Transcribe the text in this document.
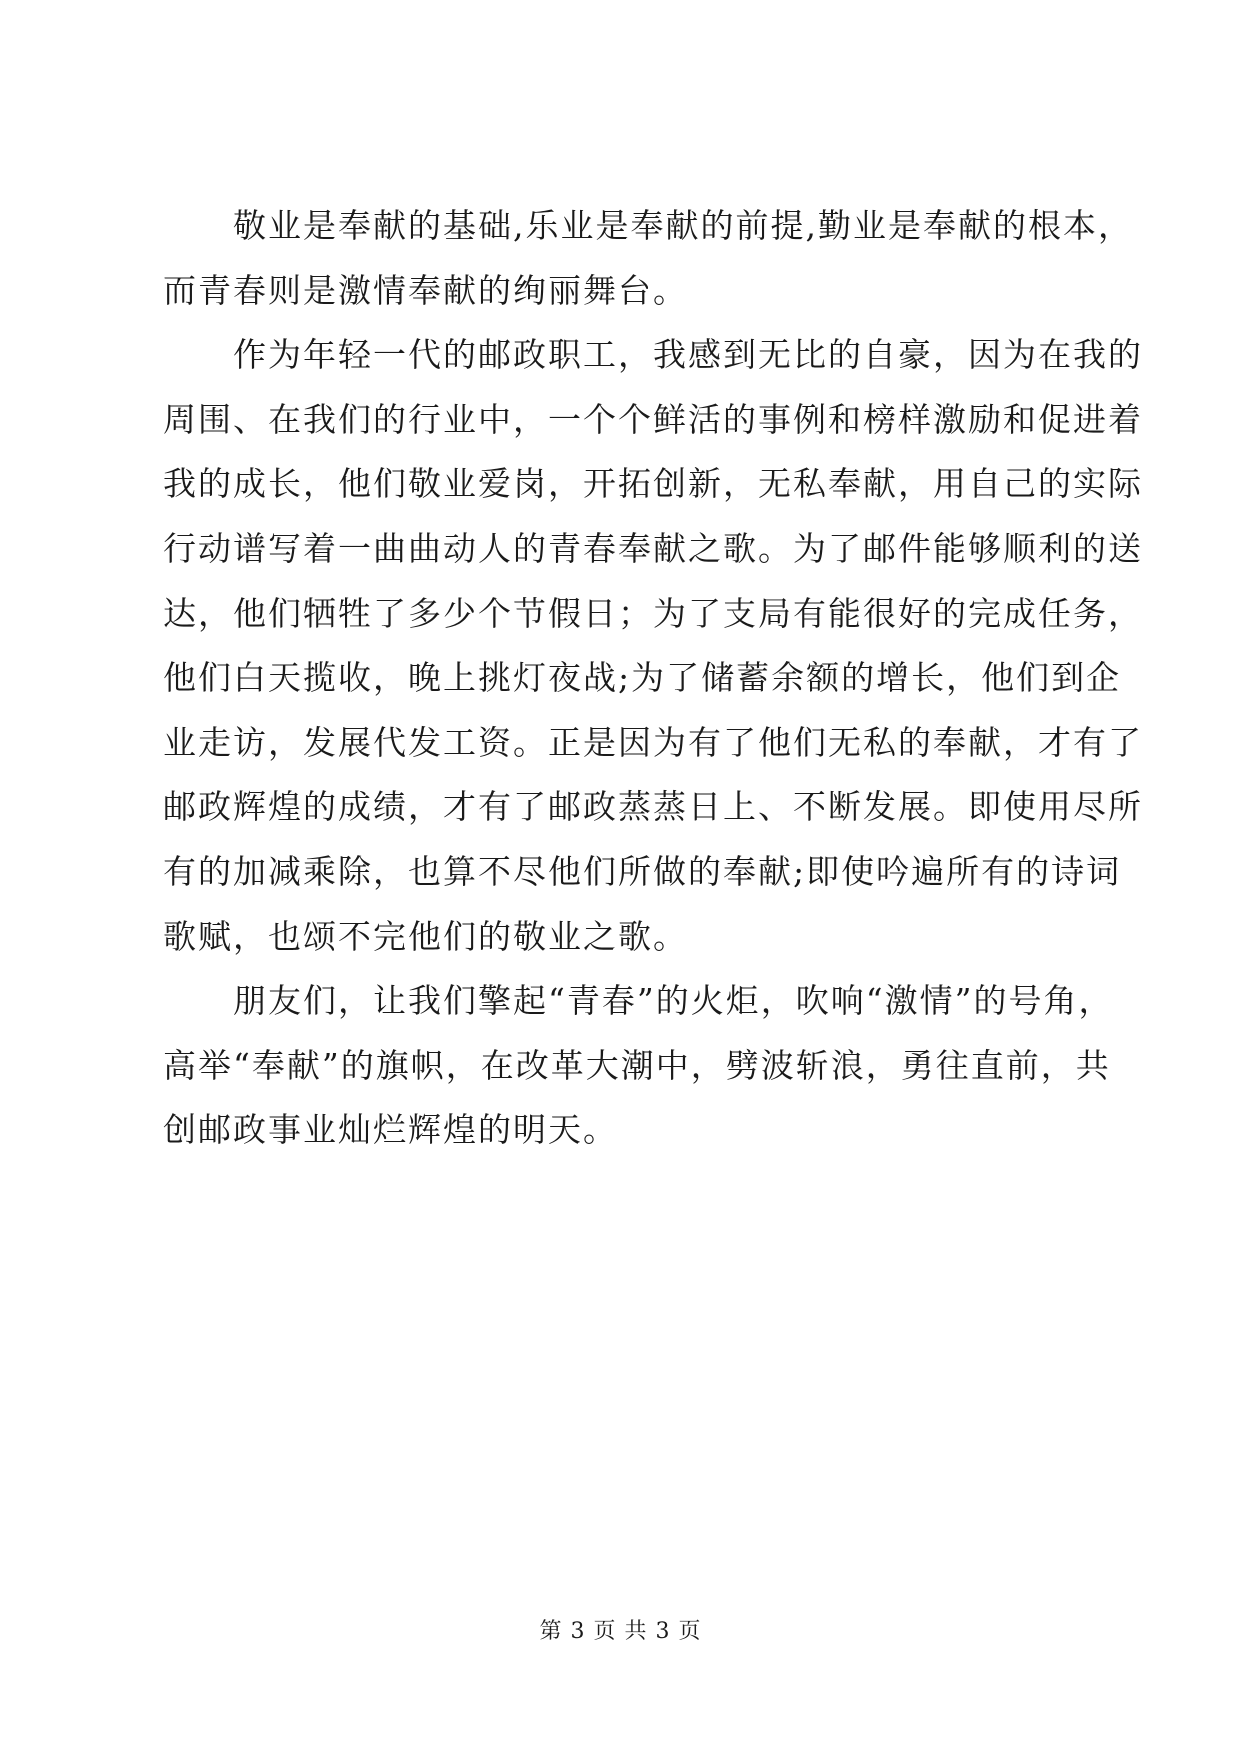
敬业是奉献的基础,乐业是奉献的前提,勤业是奉献的根本，
而青春则是激情奉献的绚丽舞台。

作为年轻一代的邮政职工，我感到无比的自豪，因为在我的
周围、在我们的行业中，一个个鲜活的事例和榜样激励和促进着
我的成长，他们敬业爱岗，开拓创新，无私奉献，用自己的实际
行动谱写着一曲曲动人的青春奉献之歌。为了邮件能够顺利的送
达，他们牺牲了多少个节假日；为了支局有能很好的完成任务，
他们白天揽收，晚上挑灯夜战;为了储蓄余额的增长，他们到企
业走访，发展代发工资。正是因为有了他们无私的奉献，才有了
邮政辉煌的成绩，才有了邮政蒸蒸日上、不断发展。即使用尽所
有的加减乘除，也算不尽他们所做的奉献;即使吟遍所有的诗词
歌赋，也颂不完他们的敬业之歌。

朋友们，让我们擎起“青春”的火炬，吹响“激情”的号角，
高举“奉献”的旗帜，在改革大潮中，劈波斩浪，勇往直前，共
创邮政事业灿烂辉煌的明天。

第 3 页 共 3 页
